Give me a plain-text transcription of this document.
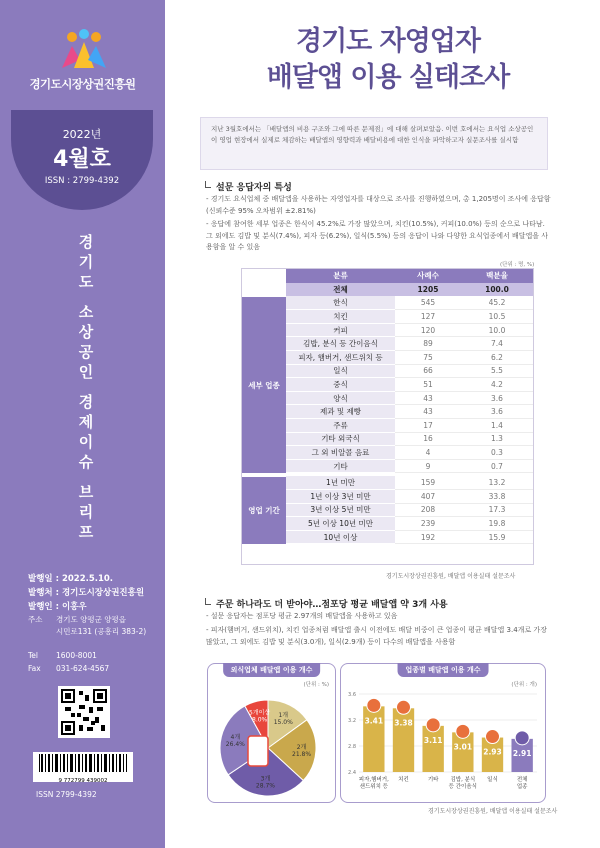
경기도시장상권진흥원
2022년
4월호
ISSN : 2799-4392
경
기
도
소
상
공
인
경
제
이
슈
브
리
프
발행일 : 2022.5.10.
발행처 : 경기도시장상권진흥원
발행인 : 이홍우
주소 경기도 양평군 양평읍
시민로131 (공흥리 383-2)
Tel 1600-8001
Fax 031-624-4567
9 772799 439002
ISSN 2799-4392
경기도 자영업자
배달앱 이용 실태조사
지난 3월호에서는 「배달앱의 비용 구조와 그에 따른 문제점」에 대해 살펴보았음. 이번 호에서는 요식업 소상공인이 영업 현장에서 실제로 체감하는 배달앱의 영향력과 배달비용에 대한 인식을 파악하고자 실문조사를 실시함
설문 응답자의 특성
- 경기도 요식업체 중 배달앱을 사용하는 자영업자를 대상으로 조사를 진행하였으며, 총 1,205명이 조사에 응답함 (신뢰수준 95% 오차범위 ±2.81%)
- 응답에 참여한 세부 업종은 한식이 45.2%로 가장 많았으며, 치킨(10.5%), 커피(10.0%) 등의 순으로 나타남. 그 외에도 김밥 및 분식(7.4%), 피자 등(6.2%), 일식(5.5%) 등의 응답이 나와 다양한 요식업종에서 배달앱을 사용함을 알 수 있음
(단위 : 명, %)
	분류	사례수	백분율
	전체	1205	100.0
세부 업종	한식	545	45.2
	치킨	127	10.5
	커피	120	10.0
	김밥, 분식 등 간이음식	89	7.4
	피자, 햄버거, 샌드위치 등	75	6.2
	일식	66	5.5
	중식	51	4.2
	양식	43	3.6
	제과 및 제빵	43	3.6
	주류	17	1.4
	기타 외국식	16	1.3
	그 외 비알콜 음료	4	0.3
	기타	9	0.7

영업 기간	1년 미만	159	13.2
	1년 이상 3년 미만	407	33.8
	3년 이상 5년 미만	208	17.3
	5년 이상 10년 미만	239	19.8
	10년 이상	192	15.9
경기도시장상권진흥원, 배달앱 이용실태 설문조사
주문 하나라도 더 받아야…점포당 평균 배달앱 약 3개 사용
- 설문 응답자는 점포당 평균 2.97개의 배달앱을 사용하고 있음
- 피자(햄버거, 샌드위치), 치킨 업종처럼 배달앱 출시 이전에도 배달 비중이 큰 업종이 평균 배달앱 3.4개로 가장 많았고, 그 외에도 김밥 및 분식(3.0개), 일식(2.9개) 등이 다수의 배달앱을 사용함
외식업체 배달앱 이용 개수
(단위 : %)
1개
15.0%
2개
21.8%
3개
28.7%
4개
26.4%
5개이상
8.0%
업종별 배달앱 이용 개수
(단위 : 개)
3.6
3.2
2.8
2.4
3.41
피자,햄버거,
샌드위치 등
3.38
치킨
3.11
기타
3.01
김밥, 분식
등 간이음식
2.93
일식
2.91
전체
업종
경기도시장상권진흥원, 배달앱 이용실태 설문조사
